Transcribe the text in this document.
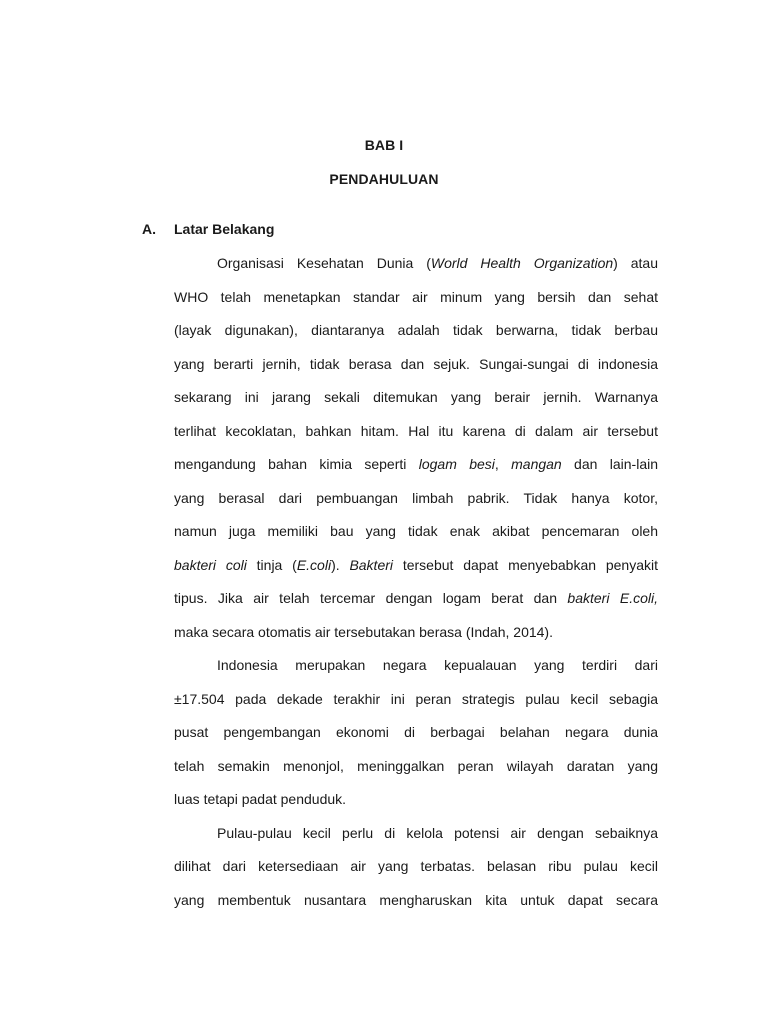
BAB I
PENDAHULUAN
A. Latar Belakang
Organisasi Kesehatan Dunia (World Health Organization) atau
WHO telah menetapkan standar air minum yang bersih dan sehat
(layak digunakan), diantaranya adalah tidak berwarna, tidak berbau
yang berarti jernih, tidak berasa dan sejuk. Sungai-sungai di indonesia
sekarang ini jarang sekali ditemukan yang berair jernih. Warnanya
terlihat kecoklatan, bahkan hitam. Hal itu karena di dalam air tersebut
mengandung bahan kimia seperti logam besi, mangan dan lain-lain
yang berasal dari pembuangan limbah pabrik. Tidak hanya kotor,
namun juga memiliki bau yang tidak enak akibat pencemaran oleh
bakteri coli tinja (E.coli). Bakteri tersebut dapat menyebabkan penyakit
tipus. Jika air telah tercemar dengan logam berat dan bakteri E.coli,
maka secara otomatis air tersebutakan berasa (Indah, 2014).
Indonesia merupakan negara kepualauan yang terdiri dari
±17.504 pada dekade terakhir ini peran strategis pulau kecil sebagia
pusat pengembangan ekonomi di berbagai belahan negara dunia
telah semakin menonjol, meninggalkan peran wilayah daratan yang
luas tetapi padat penduduk.
Pulau-pulau kecil perlu di kelola potensi air dengan sebaiknya
dilihat dari ketersediaan air yang terbatas. belasan ribu pulau kecil
yang membentuk nusantara mengharuskan kita untuk dapat secara
